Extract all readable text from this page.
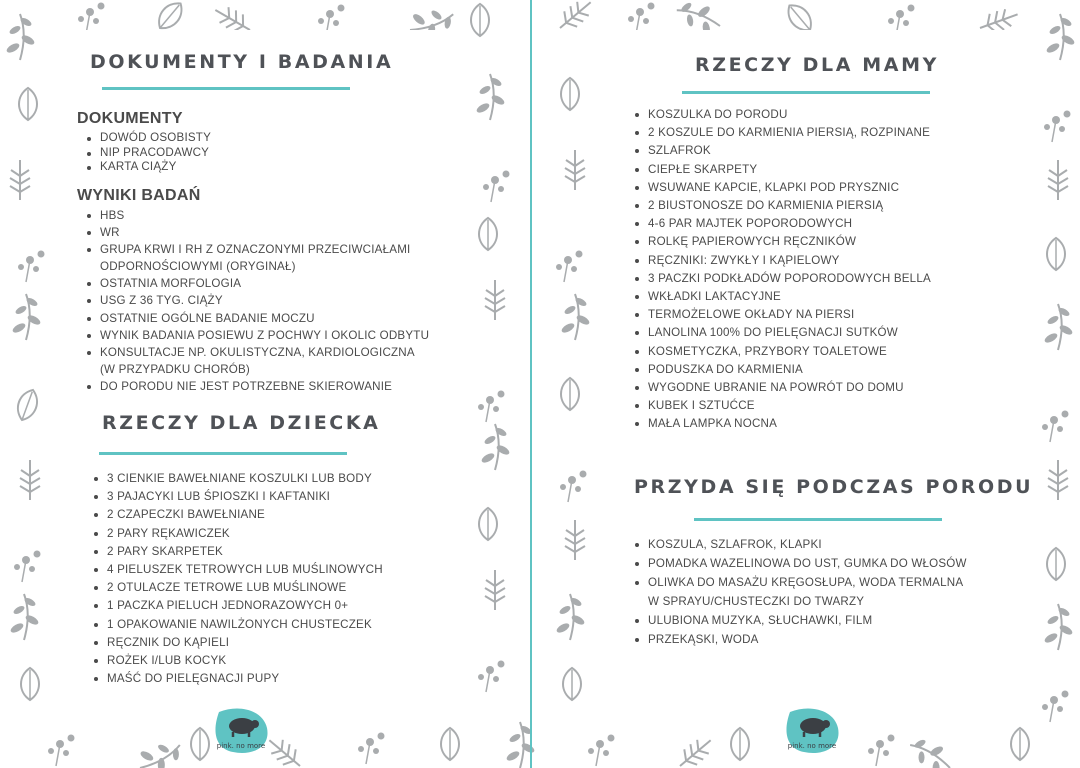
DOKUMENTY I BADANIA
DOKUMENTY
DOWÓD OSOBISTY
NIP PRACODAWCY
KARTA CIĄŻY
WYNIKI BADAŃ
HBS
WR
GRUPA KRWI I RH Z OZNACZONYMI PRZECIWCIAŁAMI
ODPORNOŚCIOWYMI (ORYGINAŁ)
OSTATNIA MORFOLOGIA
USG Z 36 TYG. CIĄŻY
OSTATNIE OGÓLNE BADANIE MOCZU
WYNIK BADANIA POSIEWU Z POCHWY I OKOLIC ODBYTU
KONSULTACJE NP. OKULISTYCZNA, KARDIOLOGICZNA
(W PRZYPADKU CHORÓB)
DO PORODU NIE JEST POTRZEBNE SKIEROWANIE
RZECZY DLA DZIECKA
3 CIENKIE BAWEŁNIANE KOSZULKI LUB BODY
3 PAJACYKI LUB ŚPIOSZKI I KAFTANIKI
2 CZAPECZKI BAWEŁNIANE
2 PARY RĘKAWICZEK
2 PARY SKARPETEK
4 PIELUSZEK TETROWYCH LUB MUŚLINOWYCH
2 OTULACZE TETROWE LUB MUŚLINOWE
1 PACZKA PIELUCH JEDNORAZOWYCH 0+
1 OPAKOWANIE NAWILŻONYCH CHUSTECZEK
RĘCZNIK DO KĄPIELI
ROŻEK I/LUB KOCYK
MAŚĆ DO PIELĘGNACJI PUPY
RZECZY DLA MAMY
KOSZULKA DO PORODU
2 KOSZULE DO KARMIENIA PIERSIĄ, ROZPINANE
SZLAFROK
CIEPŁE SKARPETY
WSUWANE KAPCIE, KLAPKI POD PRYSZNIC
2 BIUSTONOSZE DO KARMIENIA PIERSIĄ
4-6 PAR MAJTEK POPORODOWYCH
ROLKĘ PAPIEROWYCH RĘCZNIKÓW
RĘCZNIKI: ZWYKŁY I KĄPIELOWY
3 PACZKI PODKŁADÓW POPORODOWYCH BELLA
WKŁADKI LAKTACYJNE
TERMOŻELOWE OKŁADY NA PIERSI
LANOLINA 100% DO PIELĘGNACJI SUTKÓW
KOSMETYCZKA, PRZYBORY TOALETOWE
PODUSZKA DO KARMIENIA
WYGODNE UBRANIE NA POWRÓT DO DOMU
KUBEK I SZTUĆCE
MAŁA LAMPKA NOCNA
PRZYDA SIĘ PODCZAS PORODU
KOSZULA, SZLAFROK, KLAPKI
POMADKA WAZELINOWA DO UST, GUMKA DO WŁOSÓW
OLIWKA DO MASAŻU KRĘGOSŁUPA, WODA TERMALNA
W SPRAYU/CHUSTECZKI DO TWARZY
ULUBIONA MUZYKA, SŁUCHAWKI, FILM
PRZEKĄSKI, WODA
pink. no more	pink. no more
